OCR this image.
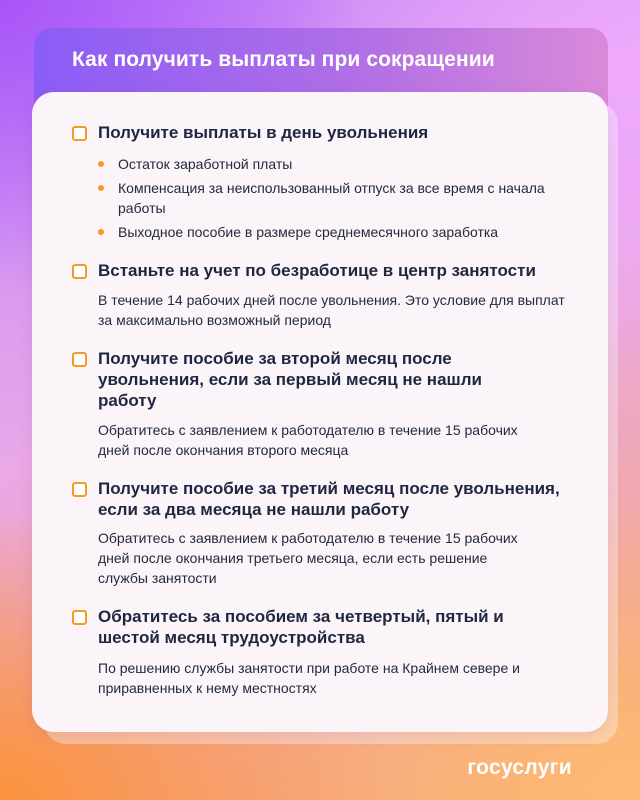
Как получить выплаты при сокращении

Получите выплаты в день увольнения

Остаток заработной платы
Компенсация за неиспользованный отпуск за все время с начала работы
Выходное пособие в размере среднемесячного заработка

Встаньте на учет по безработице в центр занятости

В течение 14 рабочих дней после увольнения. Это условие для выплат за максимально возможный период

Получите пособие за второй месяц после увольнения, если за первый месяц не нашли работу

Обратитесь с заявлением к работодателю в течение 15 рабочих дней после окончания второго месяца

Получите пособие за третий месяц после увольнения, если за два месяца не нашли работу

Обратитесь с заявлением к работодателю в течение 15 рабочих дней после окончания третьего месяца, если есть решение службы занятости

Обратитесь за пособием за четвертый, пятый и шестой месяц трудоустройства

По решению службы занятости при работе на Крайнем севере и приравненных к нему местностях

госуслуги
